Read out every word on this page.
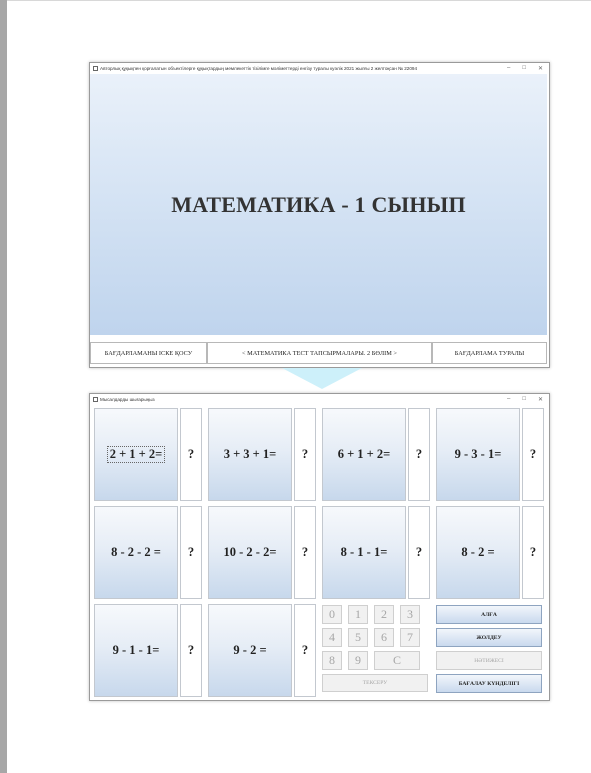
Авторлық құқықпен қорғалатын объектілерге құқықтардың мемлекеттік тізілімге мәліметтерді енгізу туралы куәлік 2021 жылғы 2 желтоқсан № 22094	– □ ✕
МАТЕМАТИКА - 1 СЫНЫП
БАҒДАРЛАМАНЫ ІСКЕ ҚОСУ	< МАТЕМАТИКА ТЕСТ ТАПСЫРМАЛАРЫ. 2 БӨЛІМ >	БАҒДАРЛАМА ТУРАЛЫ
Мысалдарды шығарыңыз	– □ ✕
2 + 1 + 2=	?	3 + 3 + 1=	?	6 + 1 + 2=	?	9 - 3 - 1=	?
8 - 2 - 2 =	?	10 - 2 - 2=	?	8 - 1 - 1=	?	8 - 2 =	?
9 - 1 - 1=	?	9 - 2 =	?
0	1	2	3
4	5	6	7
8	9	C
ТЕКСЕРУ
АЛҒА
ЖОЛДЕУ
НӘТИЖЕСІ
БАҒАЛАУ КҮНДЕЛІГІ
